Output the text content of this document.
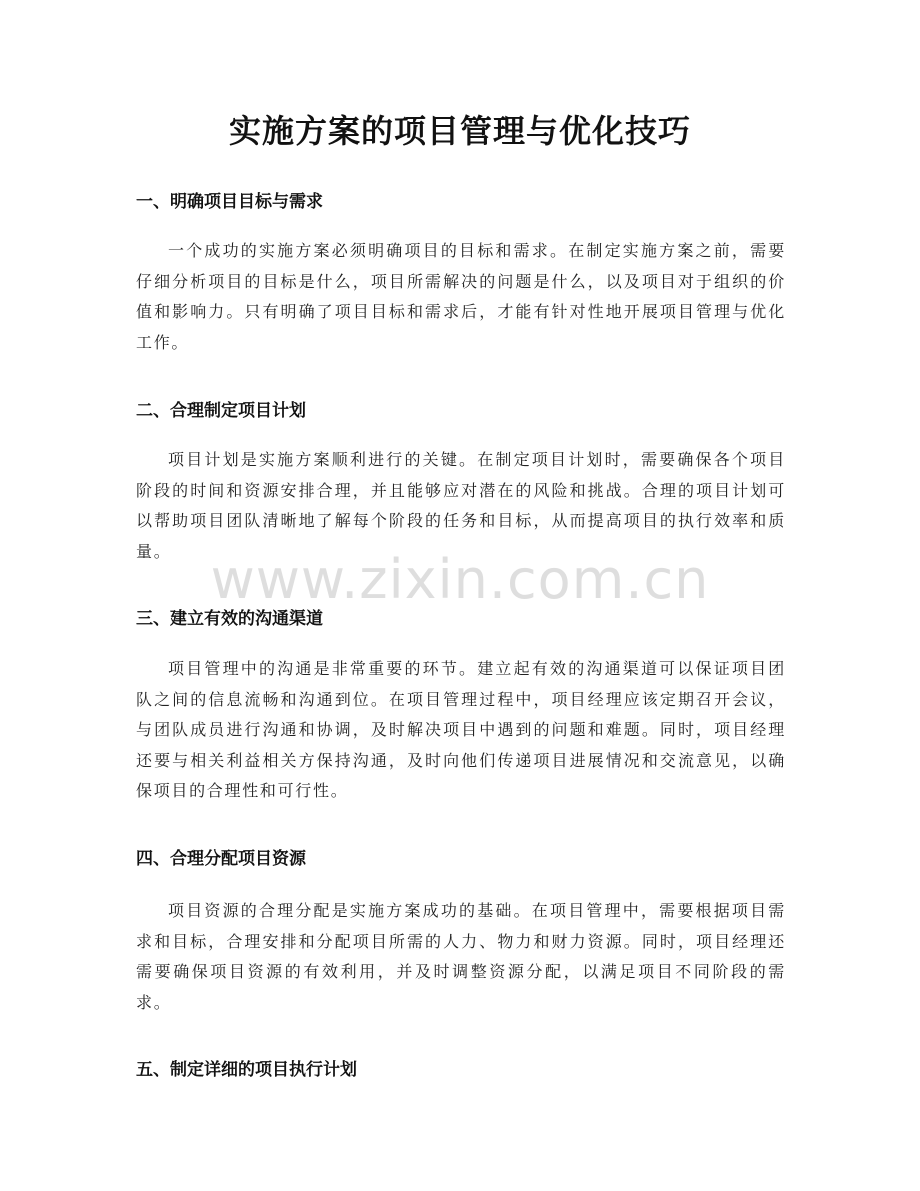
实施方案的项目管理与优化技巧
一、明确项目目标与需求
一个成功的实施方案必须明确项目的目标和需求。在制定实施方案之前，需要仔细分析项目的目标是什么，项目所需解决的问题是什么，以及项目对于组织的价值和影响力。只有明确了项目目标和需求后，才能有针对性地开展项目管理与优化工作。
二、合理制定项目计划
项目计划是实施方案顺利进行的关键。在制定项目计划时，需要确保各个项目阶段的时间和资源安排合理，并且能够应对潜在的风险和挑战。合理的项目计划可以帮助项目团队清晰地了解每个阶段的任务和目标，从而提高项目的执行效率和质量。
三、建立有效的沟通渠道
项目管理中的沟通是非常重要的环节。建立起有效的沟通渠道可以保证项目团队之间的信息流畅和沟通到位。在项目管理过程中，项目经理应该定期召开会议，与团队成员进行沟通和协调，及时解决项目中遇到的问题和难题。同时，项目经理还要与相关利益相关方保持沟通，及时向他们传递项目进展情况和交流意见，以确保项目的合理性和可行性。
四、合理分配项目资源
项目资源的合理分配是实施方案成功的基础。在项目管理中，需要根据项目需求和目标，合理安排和分配项目所需的人力、物力和财力资源。同时，项目经理还需要确保项目资源的有效利用，并及时调整资源分配，以满足项目不同阶段的需求。
五、制定详细的项目执行计划
www.zixin.com.cn
